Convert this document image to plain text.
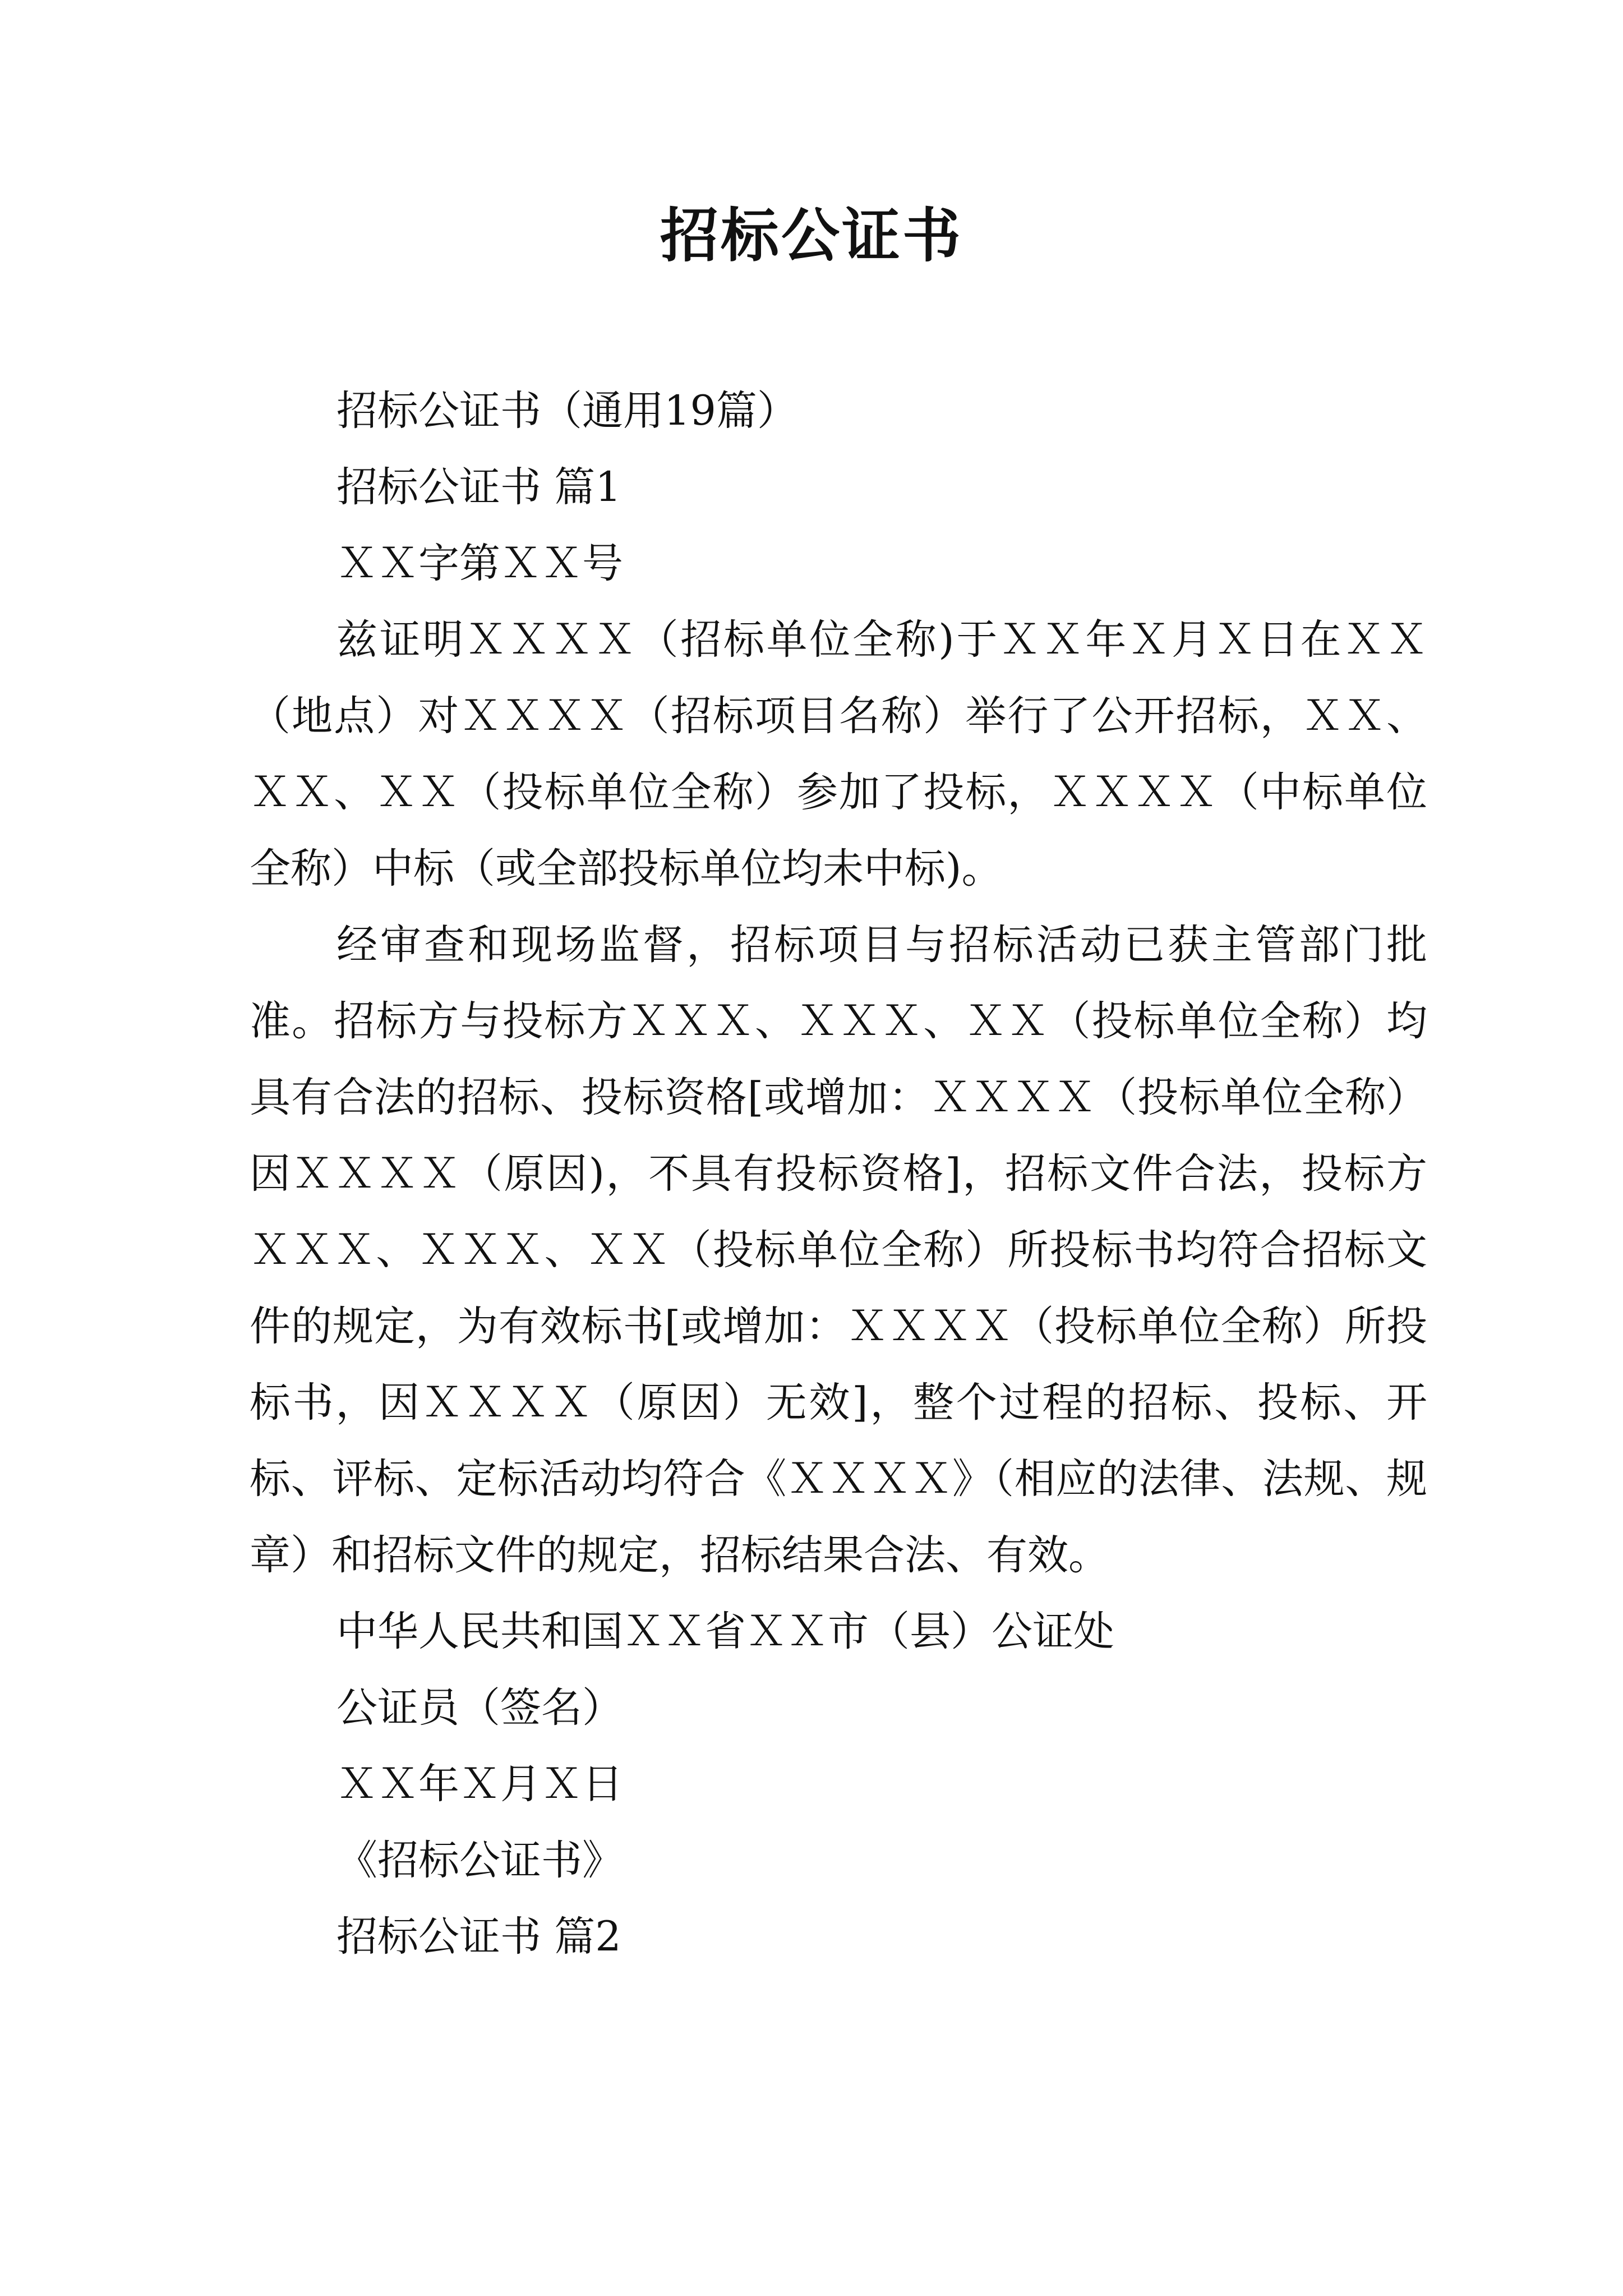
招标公证书

招标公证书（通用19篇）

招标公证书 篇1

ＸＸ字第ＸＸ号

兹证明ＸＸＸＸ（招标单位全称)于ＸＸ年Ｘ月Ｘ日在ＸＸ（地点）对ＸＸＸＸ（招标项目名称）举行了公开招标，ＸＸ、ＸＸ、ＸＸ（投标单位全称）参加了投标，ＸＸＸＸ（中标单位全称）中标（或全部投标单位均未中标)。

经审查和现场监督，招标项目与招标活动已获主管部门批准。招标方与投标方ＸＸＸ、ＸＸＸ、ＸＸ（投标单位全称）均具有合法的招标、投标资格[或增加：ＸＸＸＸ（投标单位全称）因ＸＸＸＸ（原因)，不具有投标资格]，招标文件合法，投标方ＸＸＸ、ＸＸＸ、ＸＸ（投标单位全称）所投标书均符合招标文件的规定，为有效标书[或增加：ＸＸＸＸ（投标单位全称）所投标书，因ＸＸＸＸ（原因）无效]，整个过程的招标、投标、开标、评标、定标活动均符合《ＸＸＸＸ》（相应的法律、法规、规章）和招标文件的规定，招标结果合法、有效。

中华人民共和国ＸＸ省ＸＸ市（县）公证处

公证员（签名）

ＸＸ年Ｘ月Ｘ日

《招标公证书》

招标公证书 篇2
